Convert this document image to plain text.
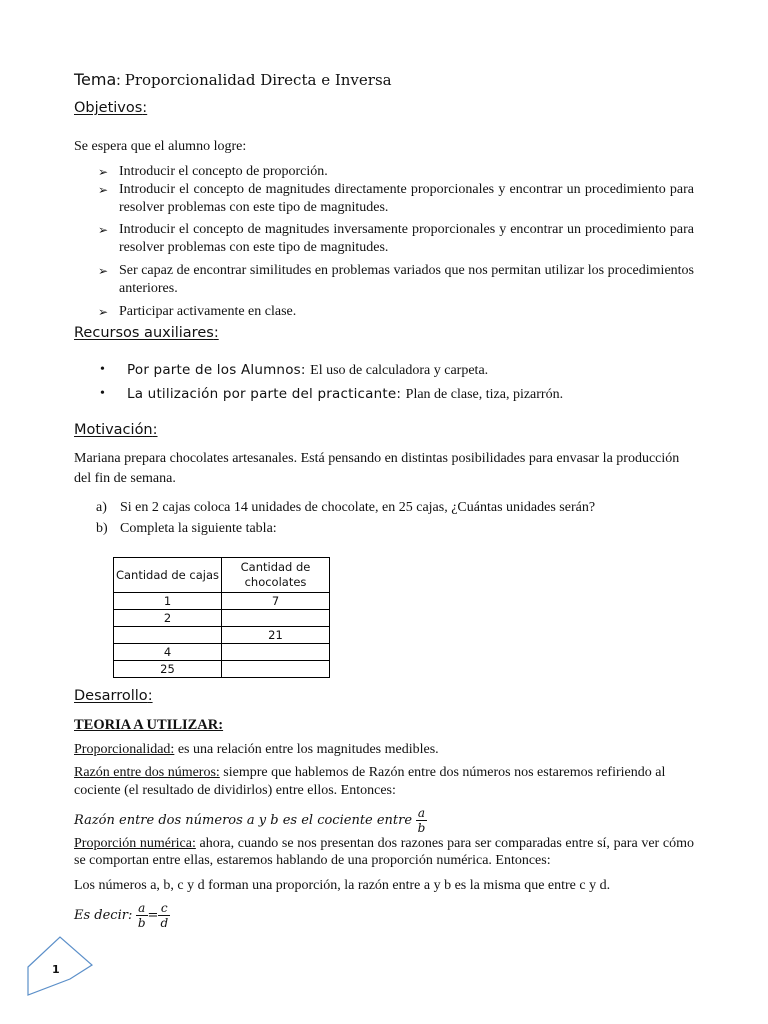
Tema: Proporcionalidad Directa e Inversa
Objetivos:
Se espera que el alumno logre:
➢ Introducir el concepto de proporción.
➢ Introducir el concepto de magnitudes directamente proporcionales y encontrar un procedimiento para resolver problemas con este tipo de magnitudes.
➢ Introducir el concepto de magnitudes inversamente proporcionales y encontrar un procedimiento para resolver problemas con este tipo de magnitudes.
➢ Ser capaz de encontrar similitudes en problemas variados que nos permitan utilizar los procedimientos anteriores.
➢ Participar activamente en clase.
Recursos auxiliares:
• Por parte de los Alumnos: El uso de calculadora y carpeta.
• La utilización por parte del practicante: Plan de clase, tiza, pizarrón.
Motivación:
Mariana prepara chocolates artesanales. Está pensando en distintas posibilidades para envasar la producción del fin de semana.
a) Si en 2 cajas coloca 14 unidades de chocolate, en 25 cajas, ¿Cuántas unidades serán?
b) Completa la siguiente tabla:
Cantidad de cajas	Cantidad de chocolates
1	7
2	
	21
4	
25	
Desarrollo:
TEORIA A UTILIZAR:
Proporcionalidad: es una relación entre los magnitudes medibles.
Razón entre dos números: siempre que hablemos de Razón entre dos números nos estaremos refiriendo al cociente (el resultado de dividirlos) entre ellos. Entonces:
Razón entre dos números a y b es el cociente entre $\frac{a}{b}$
Proporción numérica: ahora, cuando se nos presentan dos razones para ser comparadas entre sí, para ver cómo se comportan entre ellas, estaremos hablando de una proporción numérica. Entonces:
Los números a, b, c y d forman una proporción, la razón entre a y b es la misma que entre c y d.
Es decir: $\frac{a}{b} = \frac{c}{d}$
1
